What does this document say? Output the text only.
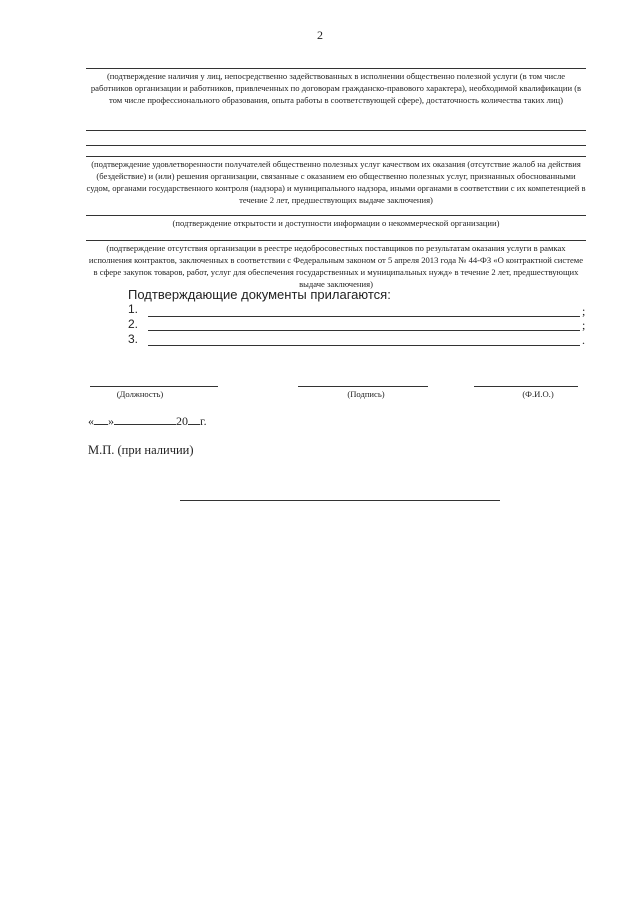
2
(подтверждение наличия у лиц, непосредственно задействованных в исполнении общественно полезной услуги (в том числе работников организации и работников, привлеченных по договорам гражданско-правового характера), необходимой квалификации (в том числе профессионального образования, опыта работы в соответствующей сфере), достаточность количества таких лиц)
(подтверждение удовлетворенности получателей общественно полезных услуг качеством их оказания (отсутствие жалоб на действия (бездействие) и (или) решения организации, связанные с оказанием ею общественно полезных услуг, признанных обоснованными судом, органами государственного контроля (надзора) и муниципального надзора, иными органами в соответствии с их компетенцией в течение 2 лет, предшествующих выдаче заключения)
(подтверждение открытости и доступности информации о некоммерческой организации)
(подтверждение отсутствия организации в реестре недобросовестных поставщиков по результатам оказания услуги в рамках исполнения контрактов, заключенных в соответствии с Федеральным законом от 5 апреля 2013 года № 44-ФЗ «О контрактной системе в сфере закупок товаров, работ, услуг для обеспечения государственных и муниципальных нужд» в течение 2 лет, предшествующих выдаче заключения)
Подтверждающие документы прилагаются:
1.	;
2.	;
3.	.
(Должность)	(Подпись)	(Ф.И.О.)
« »	20 г.
М.П. (при наличии)
